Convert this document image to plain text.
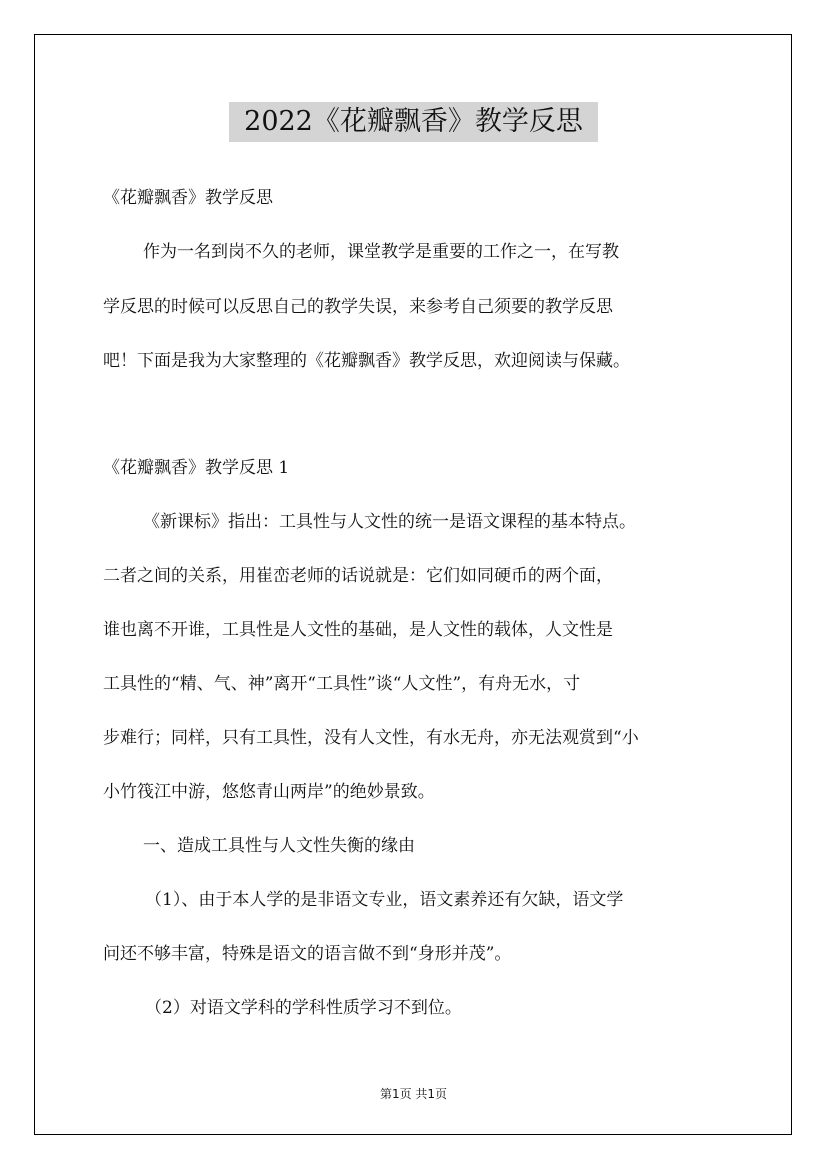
2022《花瓣飘香》教学反思
《花瓣飘香》教学反思
作为一名到岗不久的老师，课堂教学是重要的工作之一，在写教
学反思的时候可以反思自己的教学失误，来参考自己须要的教学反思
吧！下面是我为大家整理的《花瓣飘香》教学反思，欢迎阅读与保藏。
《花瓣飘香》教学反思 1
《新课标》指出：工具性与人文性的统一是语文课程的基本特点。
二者之间的关系，用崔峦老师的话说就是：它们如同硬币的两个面，
谁也离不开谁，工具性是人文性的基础，是人文性的载体，人文性是
工具性的“精、气、神”离开“工具性”谈“人文性”，有舟无水，寸
步难行；同样，只有工具性，没有人文性，有水无舟，亦无法观赏到“小
小竹筏江中游，悠悠青山两岸”的绝妙景致。
一、造成工具性与人文性失衡的缘由
（1）、由于本人学的是非语文专业，语文素养还有欠缺，语文学
问还不够丰富，特殊是语文的语言做不到“身形并茂”。
（2）对语文学科的学科性质学习不到位。
第1页 共1页
